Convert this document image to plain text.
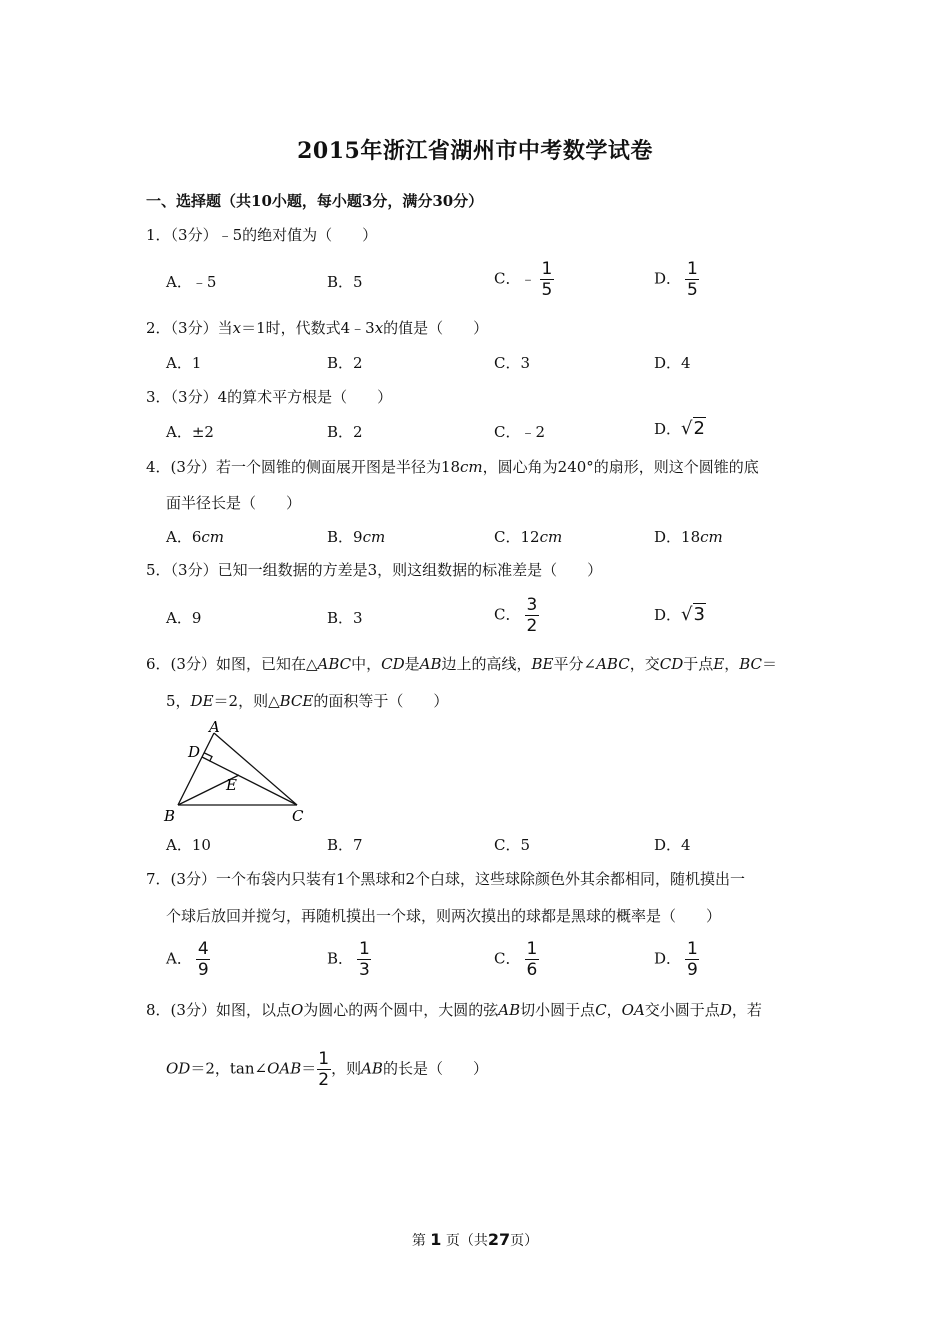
2015年浙江省湖州市中考数学试卷
一、选择题（共10小题，每小题3分，满分30分）
1．（3分）﹣5的绝对值为（　　）
A．﹣5	B．5	C．﹣ $\frac{1}{5}$	D． $\frac{1}{5}$
2．（3分）当x＝1时，代数式4﹣3x的值是（　　）
A．1	B．2	C．3	D．4
3．（3分）4的算术平方根是（　　）
A．±2	B．2	C．﹣2	D．√2
4．(3分）若一个圆锥的侧面展开图是半径为18cm，圆心角为240°的扇形，则这个圆锥的底
面半径长是（　　）
A．6cm	B．9cm	C．12cm	D．18cm
5．（3分）已知一组数据的方差是3，则这组数据的标准差是（　　）
A．9	B．3	C． $\frac{3}{2}$	D．√3
6．(3分）如图，已知在△ABC中，CD是AB边上的高线，BE平分∠ABC，交CD于点E，BC＝
5，DE＝2，则△BCE的面积等于（　　）
A
D
E
B	C
A．10	B．7	C．5	D．4
7．(3分）一个布袋内只装有1个黑球和2个白球，这些球除颜色外其余都相同，随机摸出一
个球后放回并搅匀，再随机摸出一个球，则两次摸出的球都是黑球的概率是（　　）
A． $\frac{4}{9}$	B． $\frac{1}{3}$	C． $\frac{1}{6}$	D． $\frac{1}{9}$
8．(3分）如图，以点O为圆心的两个圆中，大圆的弦AB切小圆于点C，OA交小圆于点D，若
OD＝2，tan∠OAB＝ $\frac{1}{2}$ ，则AB的长是（　　）
第 1 页（共27页）
